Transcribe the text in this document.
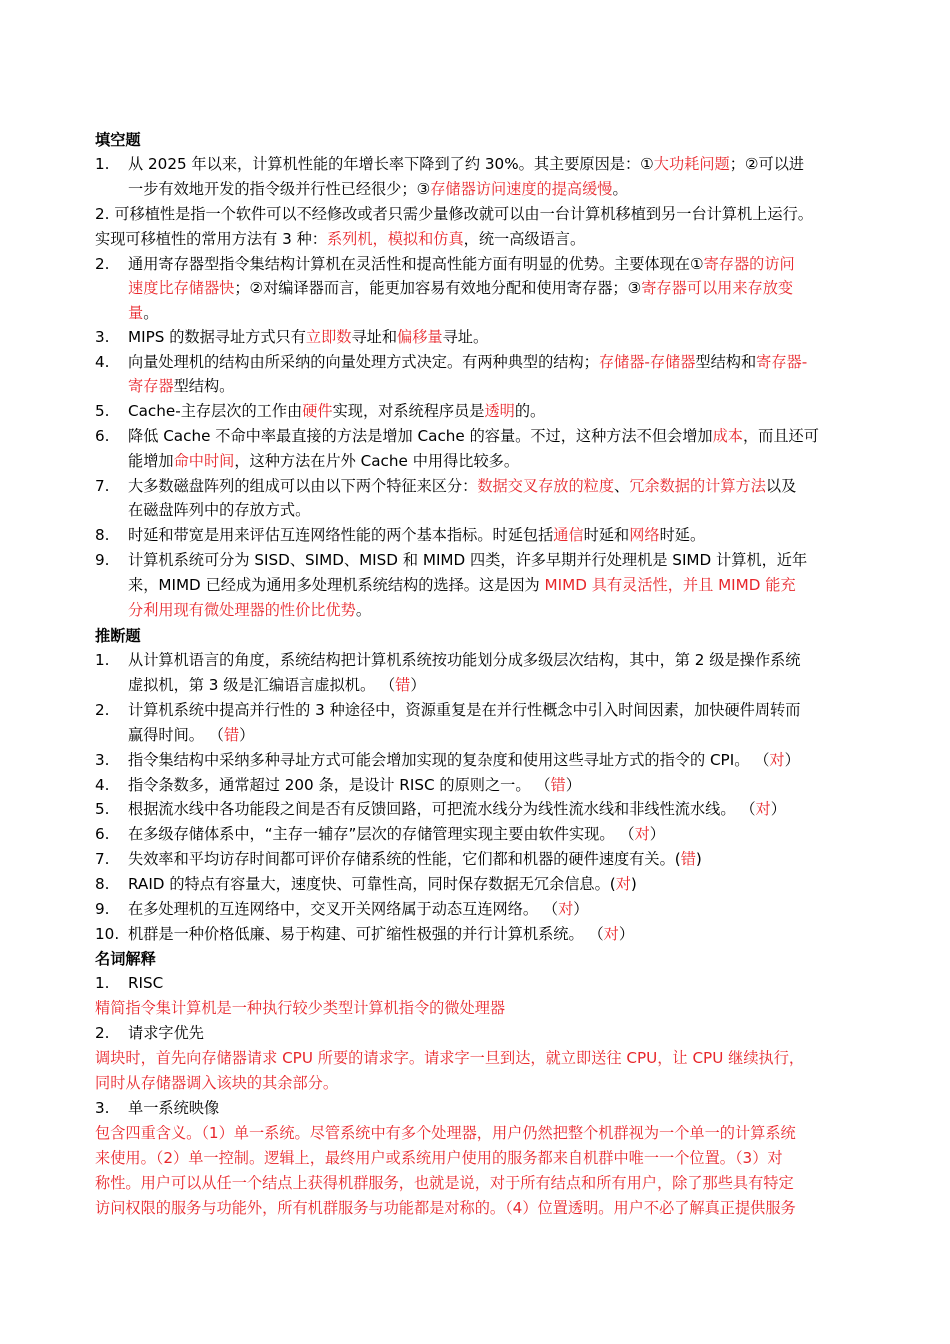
填空题
1.	从 2025 年以来，计算机性能的年增长率下降到了约 30%。其主要原因是：①大功耗问题；②可以进
一步有效地开发的指令级并行性已经很少；③存储器访问速度的提高缓慢。
2. 可移植性是指一个软件可以不经修改或者只需少量修改就可以由一台计算机移植到另一台计算机上运行。
实现可移植性的常用方法有 3 种：系列机，模拟和仿真，统一高级语言。
2.	通用寄存器型指令集结构计算机在灵活性和提高性能方面有明显的优势。主要体现在①寄存器的访问
速度比存储器快；②对编译器而言，能更加容易有效地分配和使用寄存器；③寄存器可以用来存放变
量。
3.	MIPS 的数据寻址方式只有立即数寻址和偏移量寻址。
4.	向量处理机的结构由所采纳的向量处理方式决定。有两种典型的结构；存储器-存储器型结构和寄存器-
寄存器型结构。
5.	Cache-主存层次的工作由硬件实现，对系统程序员是透明的。
6.	降低 Cache 不命中率最直接的方法是增加 Cache 的容量。不过，这种方法不但会增加成本，而且还可
能增加命中时间，这种方法在片外 Cache 中用得比较多。
7.	大多数磁盘阵列的组成可以由以下两个特征来区分：数据交叉存放的粒度、冗余数据的计算方法以及
在磁盘阵列中的存放方式。
8.	时延和带宽是用来评估互连网络性能的两个基本指标。时延包括通信时延和网络时延。
9.	计算机系统可分为 SISD、SIMD、MISD 和 MIMD 四类，许多早期并行处理机是 SIMD 计算机，近年
来，MIMD 已经成为通用多处理机系统结构的选择。这是因为 MIMD 具有灵活性，并且 MIMD 能充
分利用现有微处理器的性价比优势。
推断题
1.	从计算机语言的角度，系统结构把计算机系统按功能划分成多级层次结构，其中，第 2 级是操作系统
虚拟机，第 3 级是汇编语言虚拟机。 （错）
2.	计算机系统中提高并行性的 3 种途径中，资源重复是在并行性概念中引入时间因素，加快硬件周转而
赢得时间。 （错）
3.	指令集结构中采纳多种寻址方式可能会增加实现的复杂度和使用这些寻址方式的指令的 CPI。 （对）
4.	指令条数多，通常超过 200 条，是设计 RISC 的原则之一。 （错）
5.	根据流水线中各功能段之间是否有反馈回路，可把流水线分为线性流水线和非线性流水线。 （对）
6.	在多级存储体系中，“主存一辅存”层次的存储管理实现主要由软件实现。 （对）
7.	失效率和平均访存时间都可评价存储系统的性能，它们都和机器的硬件速度有关。(错)
8.	RAID 的特点有容量大，速度快、可靠性高，同时保存数据无冗余信息。(对)
9.	在多处理机的互连网络中，交叉开关网络属于动态互连网络。 （对）
10. 机群是一种价格低廉、易于构建、可扩缩性极强的并行计算机系统。 （对）
名词解释
1.	RISC
精简指令集计算机是一种执行较少类型计算机指令的微处理器
2.	请求字优先
调块时，首先向存储器请求 CPU 所要的请求字。请求字一旦到达，就立即送往 CPU，让 CPU 继续执行，
同时从存储器调入该块的其余部分。
3.	单一系统映像
包含四重含义。（1）单一系统。尽管系统中有多个处理器，用户仍然把整个机群视为一个单一的计算系统
来使用。（2）单一控制。逻辑上，最终用户或系统用户使用的服务都来自机群中唯一一个位置。（3）对
称性。用户可以从任一个结点上获得机群服务，也就是说，对于所有结点和所有用户，除了那些具有特定
访问权限的服务与功能外，所有机群服务与功能都是对称的。（4）位置透明。用户不必了解真正提供服务
